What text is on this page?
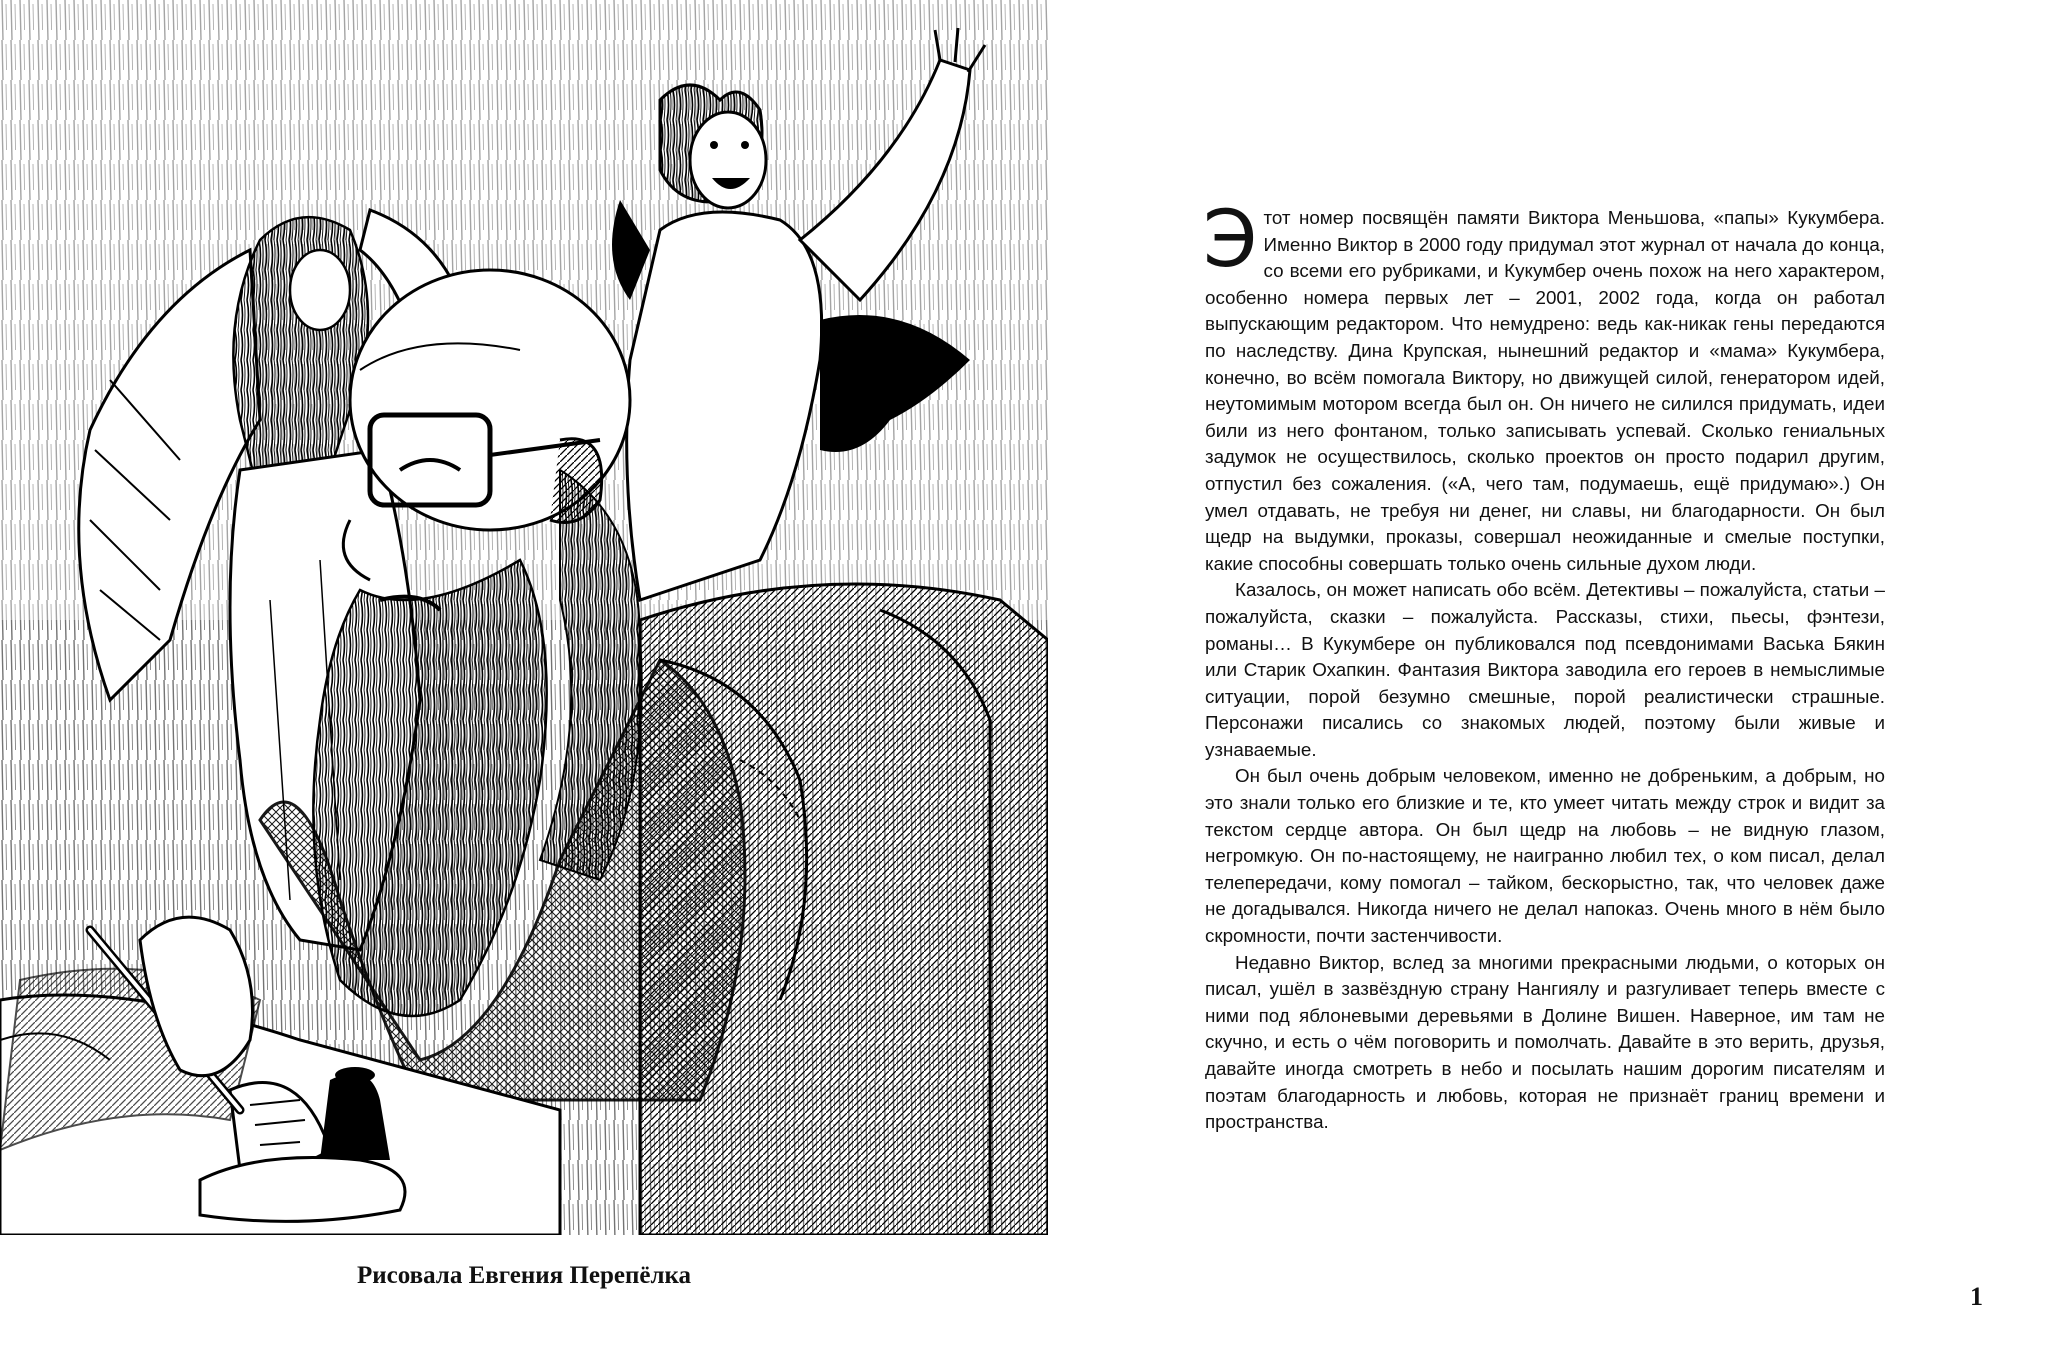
Рисовала Евгения Перепёлка

Этот номер посвящён памяти Виктора Меньшова, «папы» Кукумбера. Именно Виктор в 2000 году придумал этот журнал от начала до конца, со всеми его рубриками, и Кукумбер очень похож на него характером, особенно номера первых лет – 2001, 2002 года, когда он работал выпускающим редактором. Что немудрено: ведь как-никак гены передаются по наследству. Дина Крупская, нынешний редактор и «мама» Кукумбера, конечно, во всём помогала Виктору, но движущей силой, генератором идей, неутомимым мотором всегда был он. Он ничего не силился придумать, идеи били из него фонтаном, только записывать успевай. Сколько гениальных задумок не осуществилось, сколько проектов он просто подарил другим, отпустил без сожаления. («А, чего там, подумаешь, ещё придумаю».) Он умел отдавать, не требуя ни денег, ни славы, ни благодарности. Он был щедр на выдумки, проказы, совершал неожиданные и смелые поступки, какие способны совершать только очень сильные духом люди.

Казалось, он может написать обо всём. Детективы – пожалуйста, статьи – пожалуйста, сказки – пожалуйста. Рассказы, стихи, пьесы, фэнтези, романы… В Кукумбере он публиковался под псевдонимами Васька Бякин или Старик Охапкин. Фантазия Виктора заводила его героев в немыслимые ситуации, порой безумно смешные, порой реалистически страшные. Персонажи писались со знакомых людей, поэтому были живые и узнаваемые.

Он был очень добрым человеком, именно не добреньким, а добрым, но это знали только его близкие и те, кто умеет читать между строк и видит за текстом сердце автора. Он был щедр на любовь – не видную глазом, негромкую. Он по-настоящему, не наигранно любил тех, о ком писал, делал телепередачи, кому помогал – тайком, бескорыстно, так, что человек даже не догадывался. Никогда ничего не делал напоказ. Очень много в нём было скромности, почти застенчивости.

Недавно Виктор, вслед за многими прекрасными людьми, о которых он писал, ушёл в зазвёздную страну Нангиялу и разгуливает теперь вместе с ними под яблоневыми деревьями в Долине Вишен. Наверное, им там не скучно, и есть о чём поговорить и помолчать. Давайте в это верить, друзья, давайте иногда смотреть в небо и посылать нашим дорогим писателям и поэтам благодарность и любовь, которая не признаёт границ времени и пространства.

1
